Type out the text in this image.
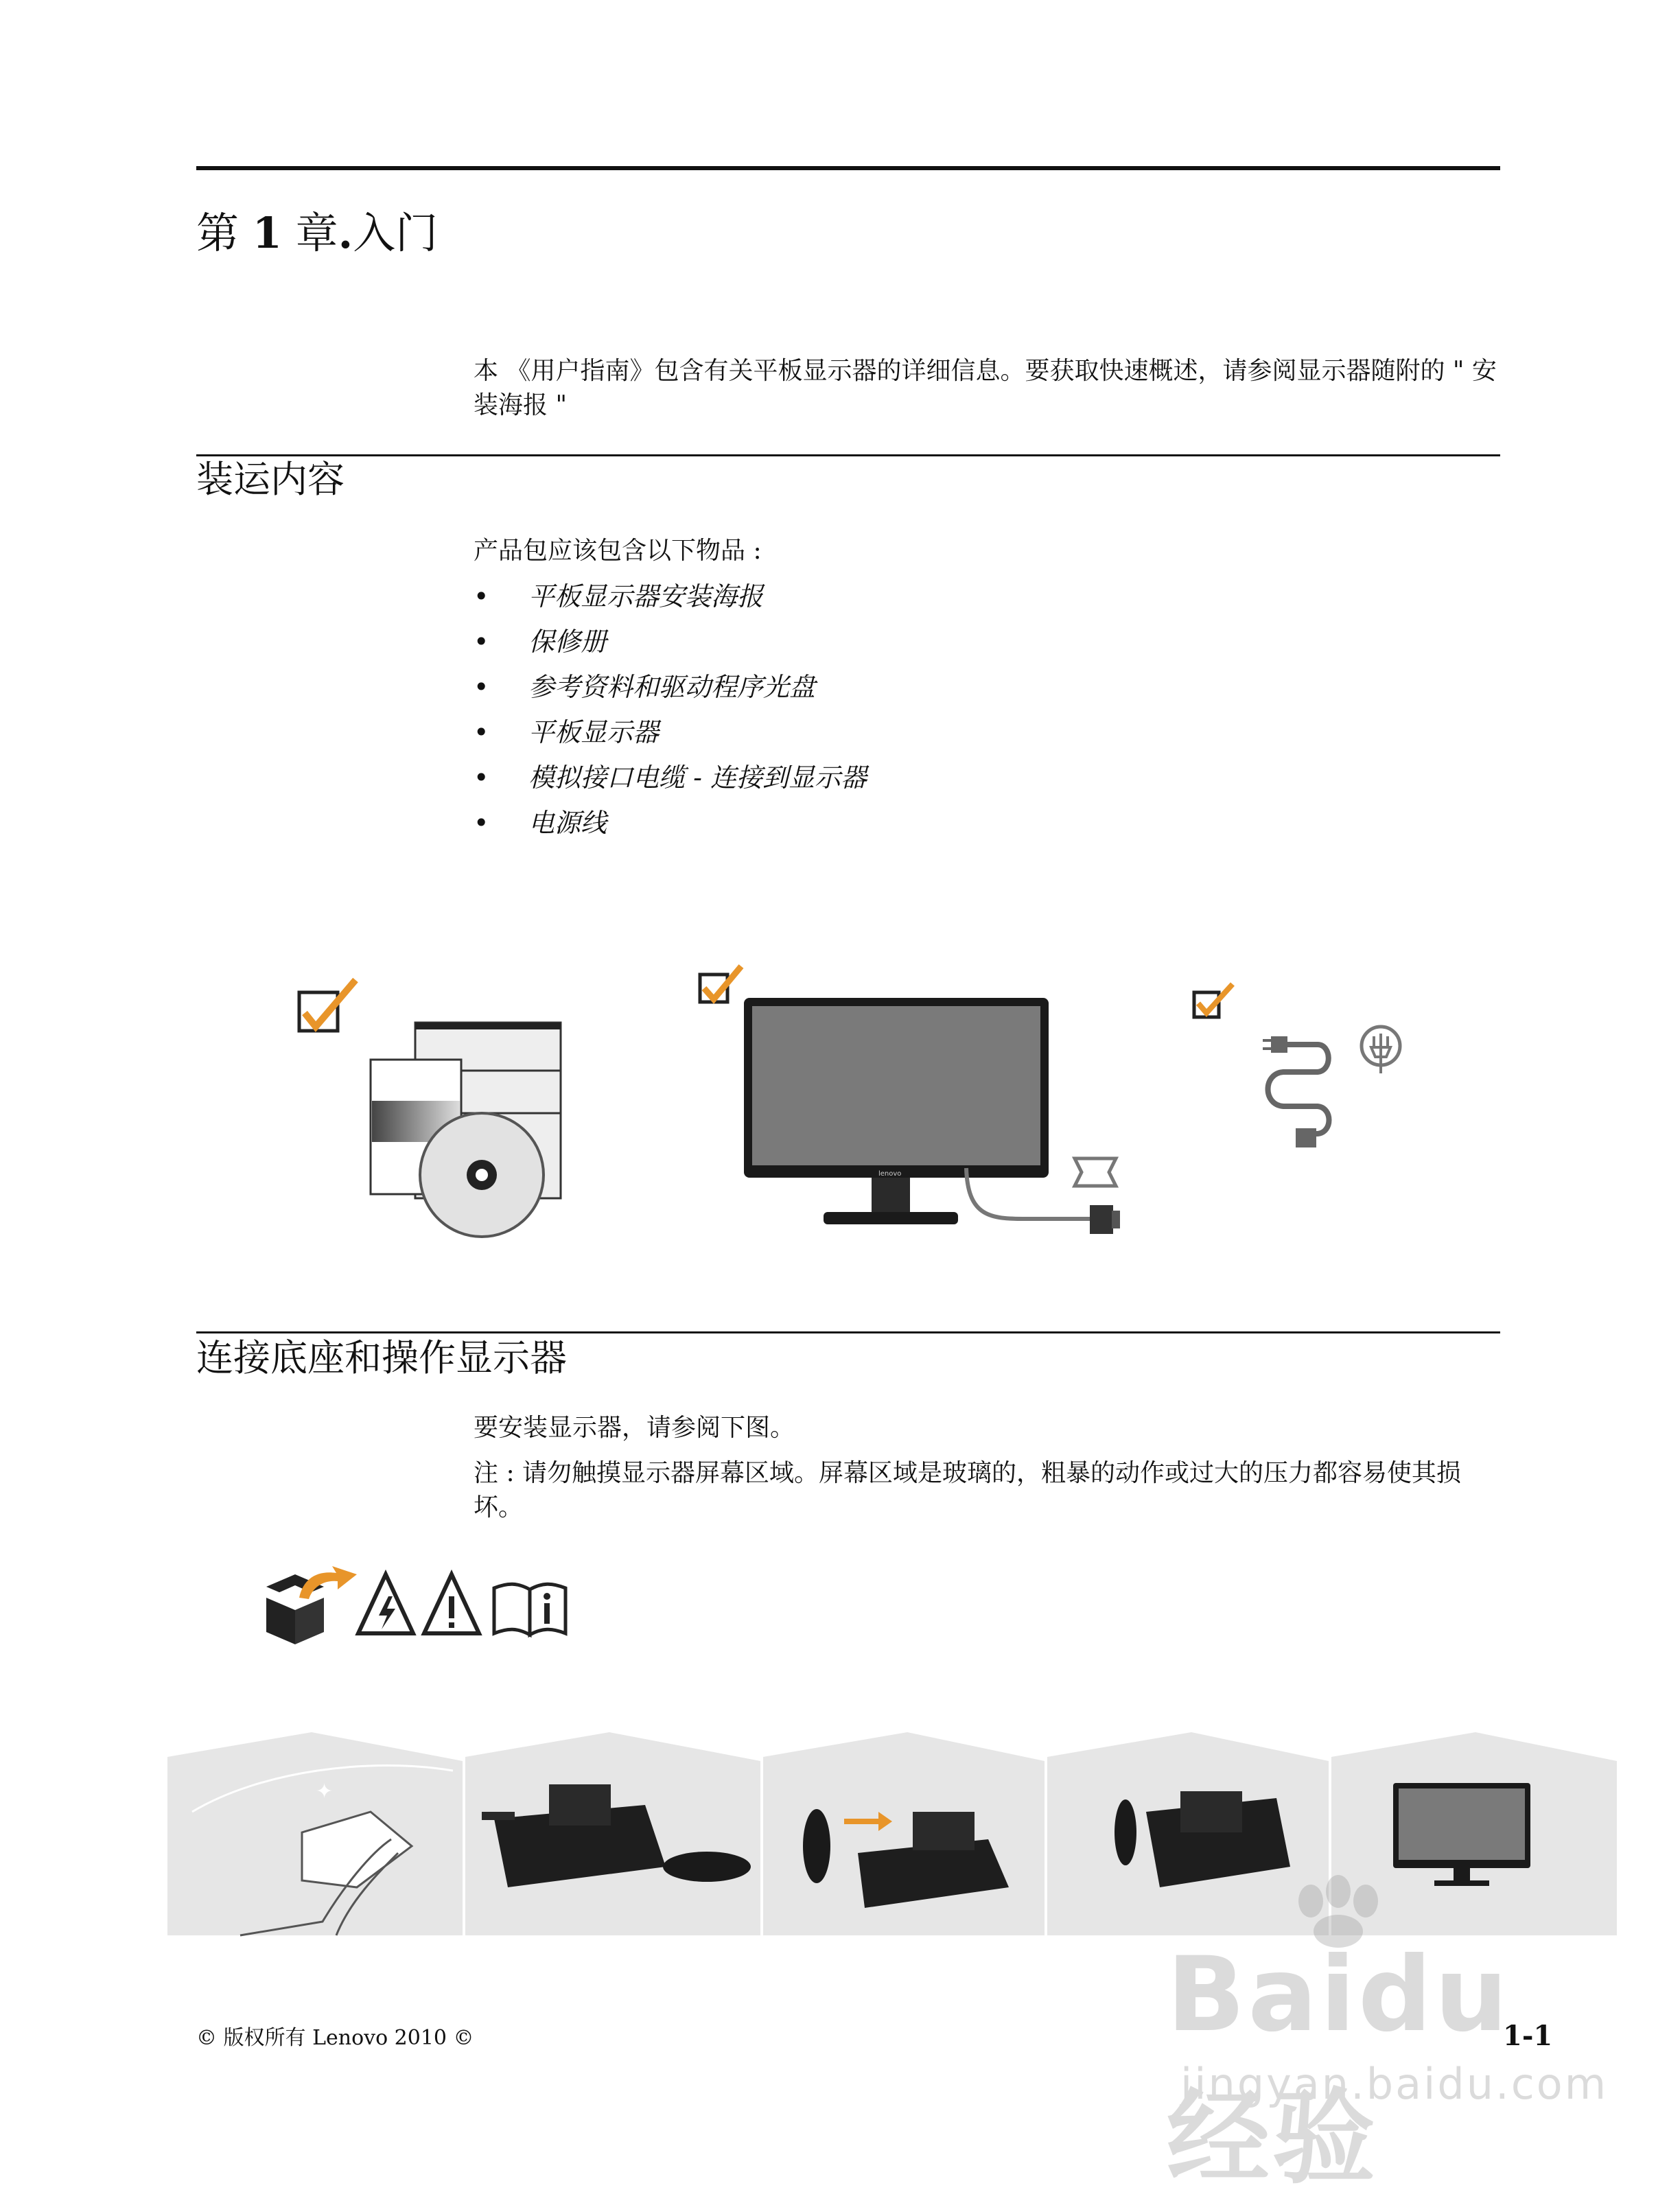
第 1 章.入门
本 《用户指南》包含有关平板显示器的详细信息。要获取快速概述，请参阅显示器随附的 " 安装海报 "
装运内容
产品包应该包含以下物品 :
• 平板显示器安装海报
• 保修册
• 参考资料和驱动程序光盘
• 平板显示器
• 模拟接口电缆 - 连接到显示器
• 电源线
lenovo
连接底座和操作显示器
要安装显示器，请参阅下图。
注 : 请勿触摸显示器屏幕区域。屏幕区域是玻璃的，粗暴的动作或过大的压力都容易使其损坏。
✦
© 版权所有 Lenovo 2010 ©	1-1
Baidu经验
jingyan.baidu.com
